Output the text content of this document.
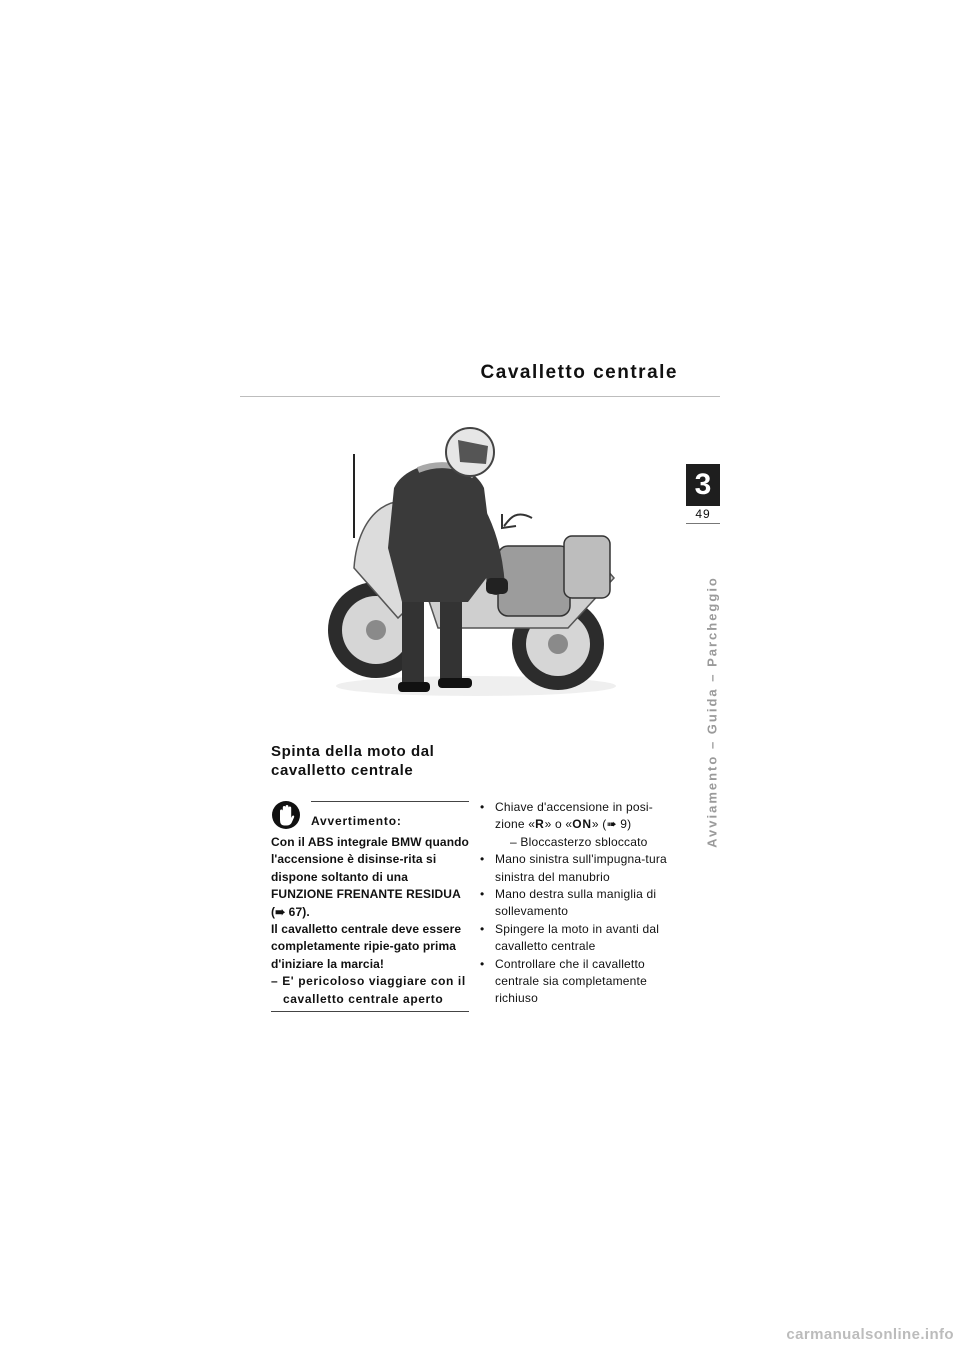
Cavalletto centrale
3
49
Avviamento – Guida – Parcheggio
Spinta della moto dal
cavalletto centrale
Avvertimento:

Con il ABS integrale BMW quando l'accensione è disinse-rita si dispone soltanto di una FUNZIONE FRENANTE RESIDUA (➠ 67).

Il cavalletto centrale deve essere completamente ripie-gato prima d'iniziare la marcia!

– E' pericoloso viaggiare con il cavalletto centrale aperto

• Chiave d'accensione in posi-zione «R» o «ON» (➠ 9)
– Bloccasterzo sbloccato
• Mano sinistra sull'impugna-tura sinistra del manubrio
• Mano destra sulla maniglia di sollevamento
• Spingere la moto in avanti dal cavalletto centrale
• Controllare che il cavalletto centrale sia completamente richiuso
carmanualsonline.info
